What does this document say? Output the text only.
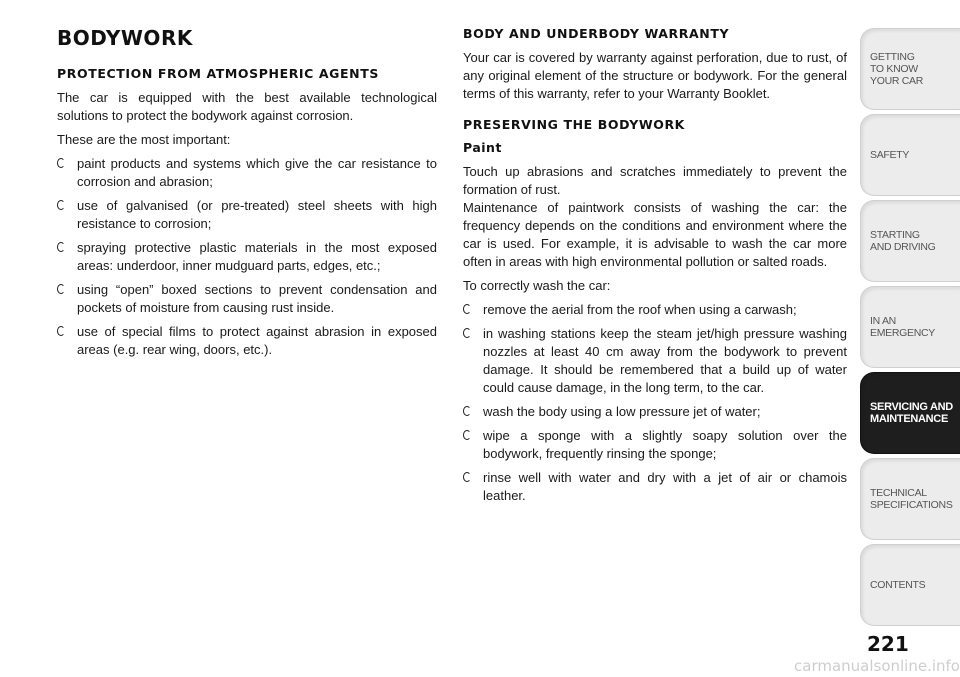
BODYWORK
PROTECTION FROM ATMOSPHERIC AGENTS

The car is equipped with the best available technological solutions to protect the bodywork against corrosion.

These are the most important:

paint products and systems which give the car resistance to corrosion and abrasion;
use of galvanised (or pre-treated) steel sheets with high resistance to corrosion;
spraying protective plastic materials in the most exposed areas: underdoor, inner mudguard parts, edges, etc.;
using “open” boxed sections to prevent condensation and pockets of moisture from causing rust inside.
use of special films to protect against abrasion in exposed areas (e.g. rear wing, doors, etc.).
BODY AND UNDERBODY WARRANTY

Your car is covered by warranty against perforation, due to rust, of any original element of the structure or bodywork. For the general terms of this warranty, refer to your Warranty Booklet.

PRESERVING THE BODYWORK
Paint

Touch up abrasions and scratches immediately to prevent the formation of rust.

Maintenance of paintwork consists of washing the car: the frequency depends on the conditions and environment where the car is used. For example, it is advisable to wash the car more often in areas with high environmental pollution or salted roads.

To correctly wash the car:

remove the aerial from the roof when using a carwash;
in washing stations keep the steam jet/high pressure washing nozzles at least 40 cm away from the bodywork to prevent damage. It should be remembered that a build up of water could cause damage, in the long term, to the car.
wash the body using a low pressure jet of water;
wipe a sponge with a slightly soapy solution over the bodywork, frequently rinsing the sponge;
rinse well with water and dry with a jet of air or chamois leather.
GETTING
TO KNOW
YOUR CAR
SAFETY
STARTING
AND DRIVING
IN AN
EMERGENCY
SERVICING AND
MAINTENANCE
TECHNICAL
SPECIFICATIONS
CONTENTS
221
carmanualsonline.info
